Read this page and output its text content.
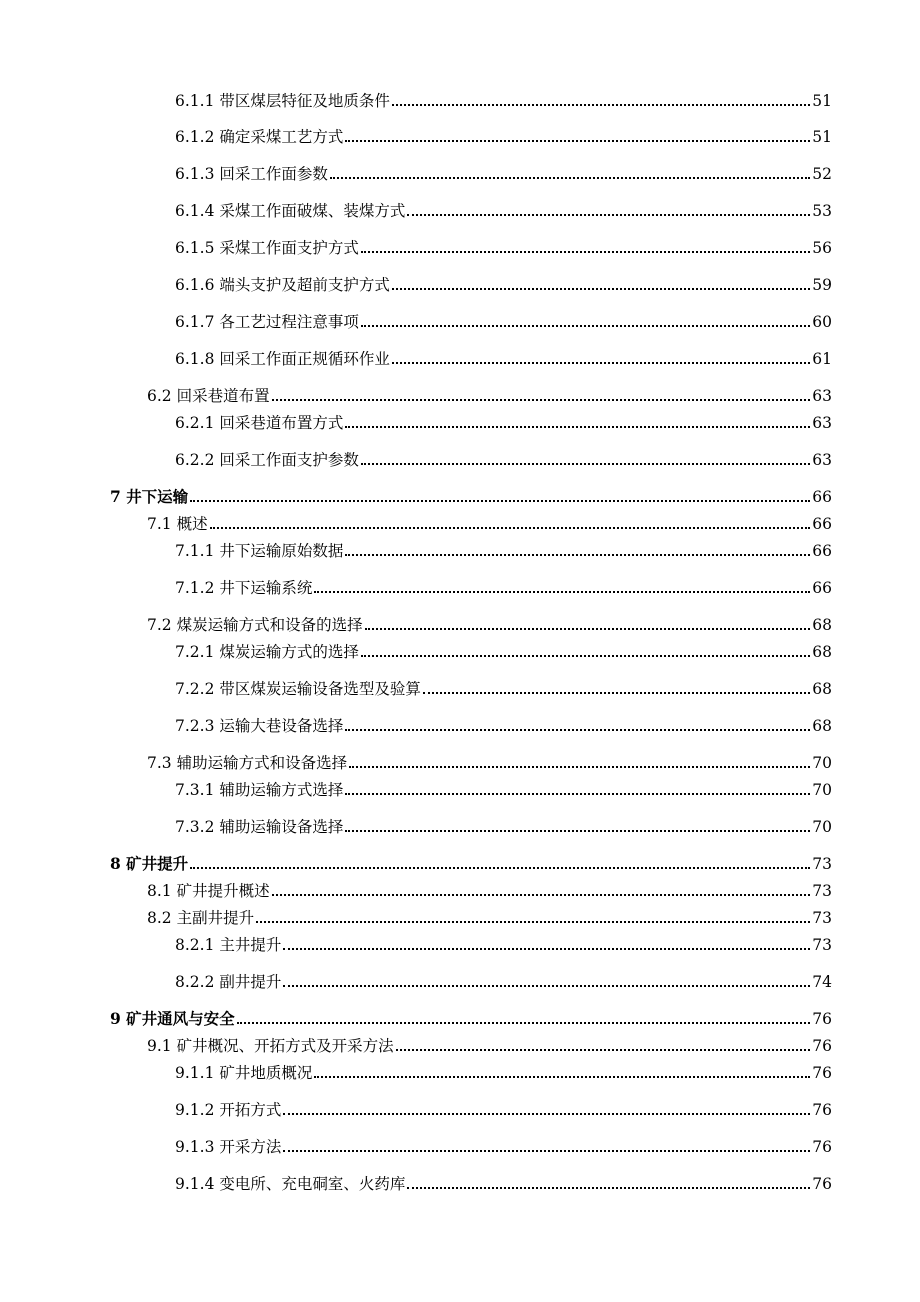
6.1.1 带区煤层特征及地质条件	51
6.1.2 确定采煤工艺方式	51
6.1.3 回采工作面参数	52
6.1.4 采煤工作面破煤、装煤方式	53
6.1.5 采煤工作面支护方式	56
6.1.6 端头支护及超前支护方式	59
6.1.7 各工艺过程注意事项	60
6.1.8 回采工作面正规循环作业	61
6.2 回采巷道布置	63
6.2.1 回采巷道布置方式	63
6.2.2 回采工作面支护参数	63
7 井下运输	66
7.1 概述	66
7.1.1 井下运输原始数据	66
7.1.2 井下运输系统	66
7.2 煤炭运输方式和设备的选择	68
7.2.1 煤炭运输方式的选择	68
7.2.2 带区煤炭运输设备选型及验算	68
7.2.3 运输大巷设备选择	68
7.3 辅助运输方式和设备选择	70
7.3.1 辅助运输方式选择	70
7.3.2 辅助运输设备选择	70
8 矿井提升	73
8.1 矿井提升概述	73
8.2 主副井提升	73
8.2.1 主井提升	73
8.2.2 副井提升	74
9 矿井通风与安全	76
9.1 矿井概况、开拓方式及开采方法	76
9.1.1 矿井地质概况	76
9.1.2 开拓方式	76
9.1.3 开采方法	76
9.1.4 变电所、充电硐室、火药库	76
